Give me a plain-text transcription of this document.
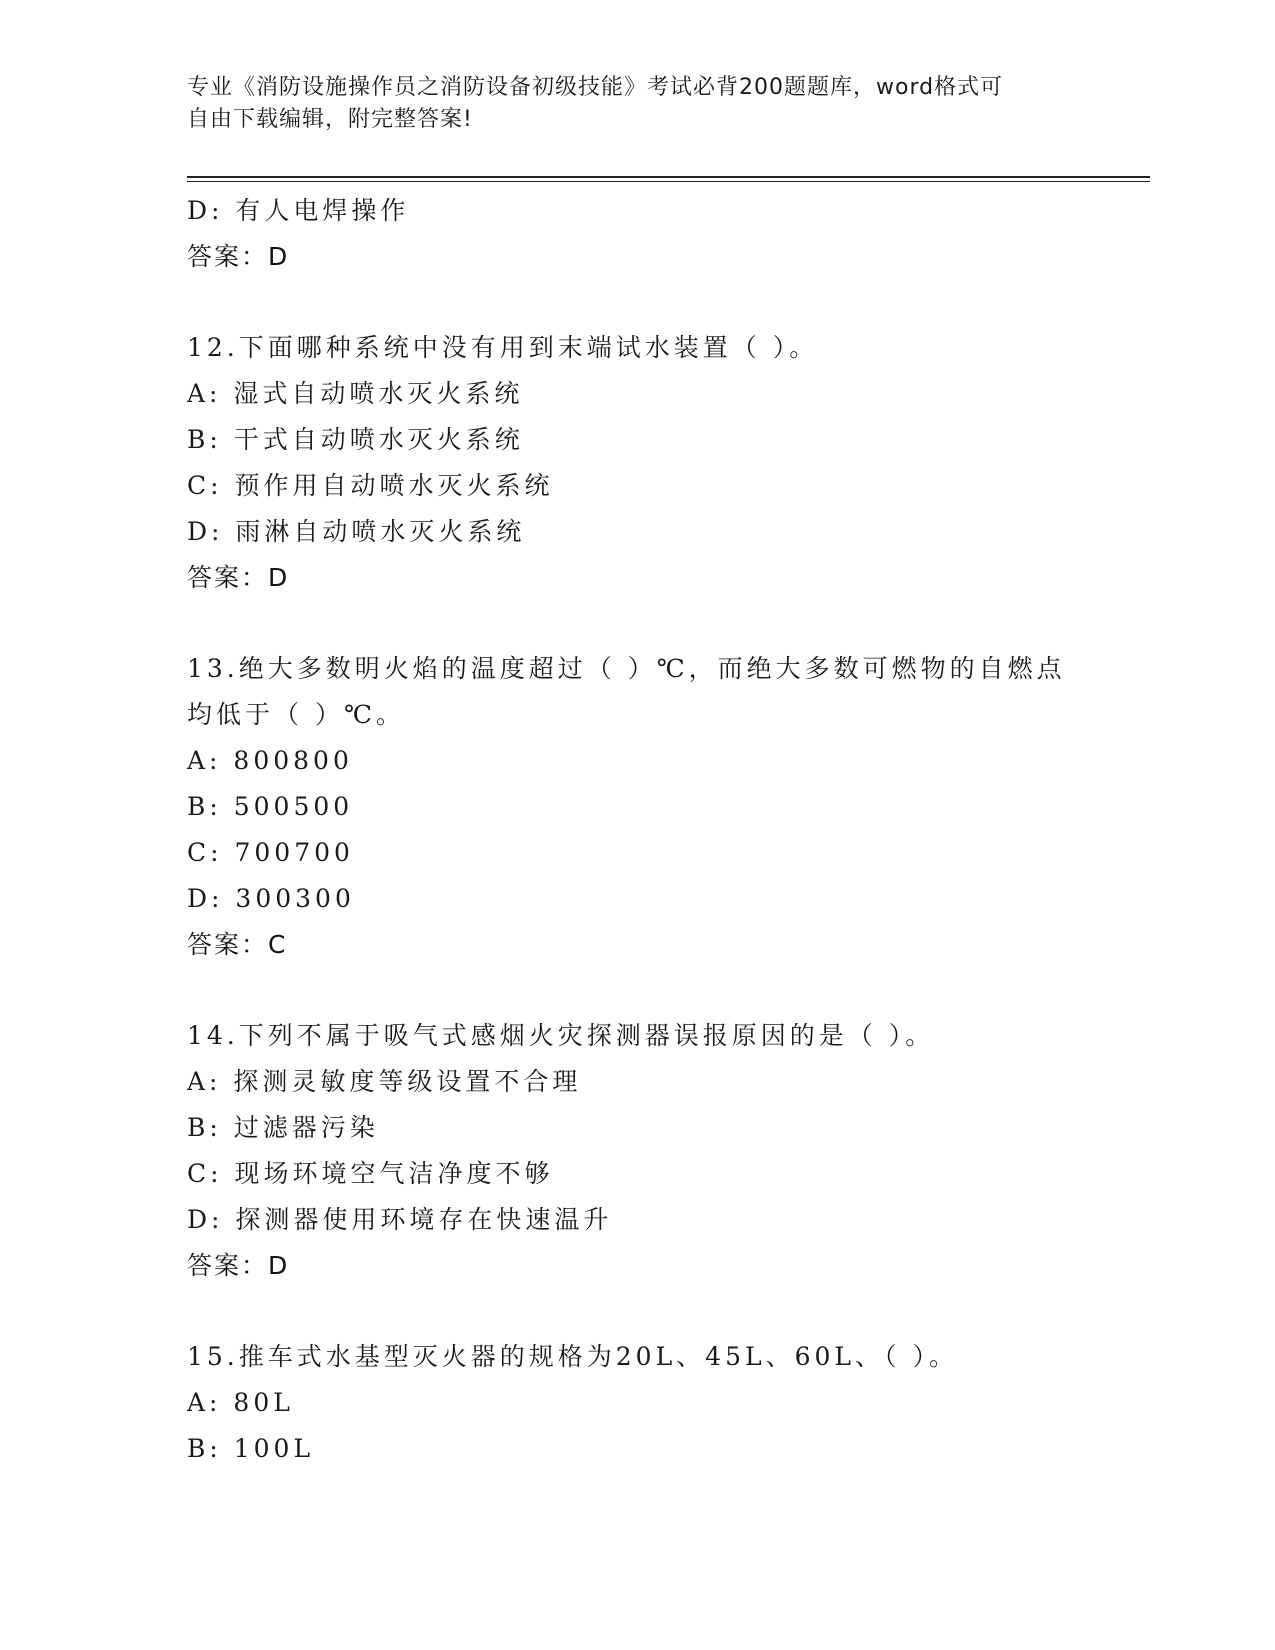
专业《消防设施操作员之消防设备初级技能》考试必背200题题库，word格式可
自由下载编辑，附完整答案!
D: 有人电焊操作
答案：D
12.下面哪种系统中没有用到末端试水装置（ ）。
A: 湿式自动喷水灭火系统
B: 干式自动喷水灭火系统
C: 预作用自动喷水灭火系统
D: 雨淋自动喷水灭火系统
答案：D
13.绝大多数明火焰的温度超过（ ）℃，而绝大多数可燃物的自燃点
均低于（ ）℃。
A: 800800
B: 500500
C: 700700
D: 300300
答案：C
14.下列不属于吸气式感烟火灾探测器误报原因的是（ ）。
A: 探测灵敏度等级设置不合理
B: 过滤器污染
C: 现场环境空气洁净度不够
D: 探测器使用环境存在快速温升
答案：D
15.推车式水基型灭火器的规格为20L、45L、60L、（ ）。
A: 80L
B: 100L
